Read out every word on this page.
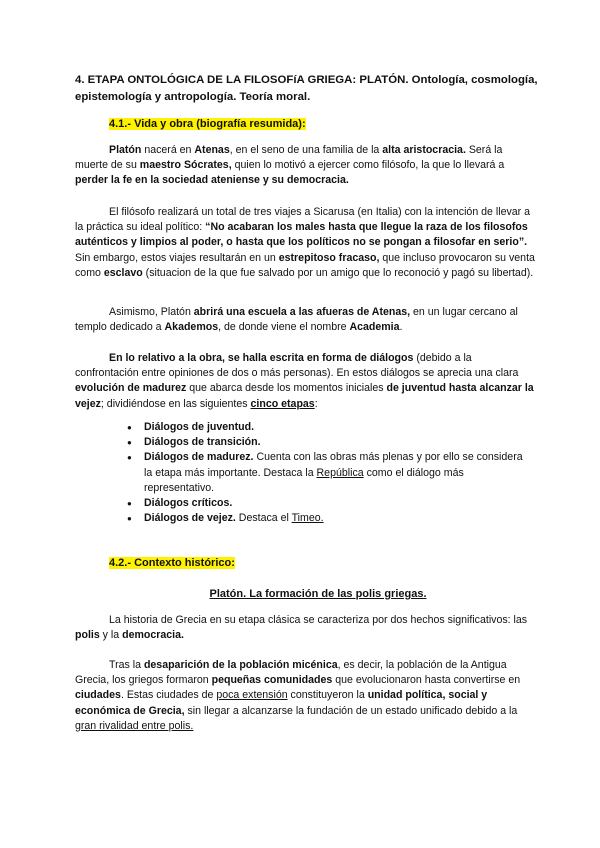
4. ETAPA ONTOLÓGICA DE LA FILOSOFíA GRIEGA: PLATÓN. Ontología, cosmología, epistemología y antropología. Teoría moral.
4.1.- Vida y obra (biografía resumida):

Platón nacerá en Atenas, en el seno de una familia de la alta aristocracia. Será la muerte de su maestro Sócrates, quien lo motivó a ejercer como filósofo, la que lo llevará a perder la fe en la sociedad ateniense y su democracia.

El filósofo realizará un total de tres viajes a Sicarusa (en Italia) con la intención de llevar a la práctica su ideal político: “No acabaran los males hasta que llegue la raza de los filosofos auténticos y limpios al poder, o hasta que los políticos no se pongan a filosofar en serio”. Sin embargo, estos viajes resultarán en un estrepitoso fracaso, que incluso provocaron su venta como esclavo (situacion de la que fue salvado por un amigo que lo reconoció y pagó su libertad).

Asimismo, Platón abrirá una escuela a las afueras de Atenas, en un lugar cercano al templo dedicado a Akademos, de donde viene el nombre Academia.

En lo relativo a la obra, se halla escrita en forma de diálogos (debido a la confrontación entre opiniones de dos o más personas). En estos diálogos se aprecia una clara evolución de madurez que abarca desde los momentos iniciales de juventud hasta alcanzar la vejez; dividiéndose en las siguientes cinco etapas:

● Diálogos de juventud.
● Diálogos de transición.
● Diálogos de madurez. Cuenta con las obras más plenas y por ello se considera la etapa más importante. Destaca la República como el diálogo más representativo.
● Diálogos críticos.
● Diálogos de vejez. Destaca el Timeo.
4.2.- Contexto histórico:
Platón. La formación de las polis griegas.

La historia de Grecia en su etapa clásica se caracteriza por dos hechos significativos: las polis y la democracia.

Tras la desaparición de la población micénica, es decir, la población de la Antigua Grecia, los griegos formaron pequeñas comunidades que evolucionaron hasta convertirse en ciudades. Estas ciudades de poca extensión constituyeron la unidad política, social y económica de Grecia, sin llegar a alcanzarse la fundación de un estado unificado debido a la gran rivalidad entre polis.
